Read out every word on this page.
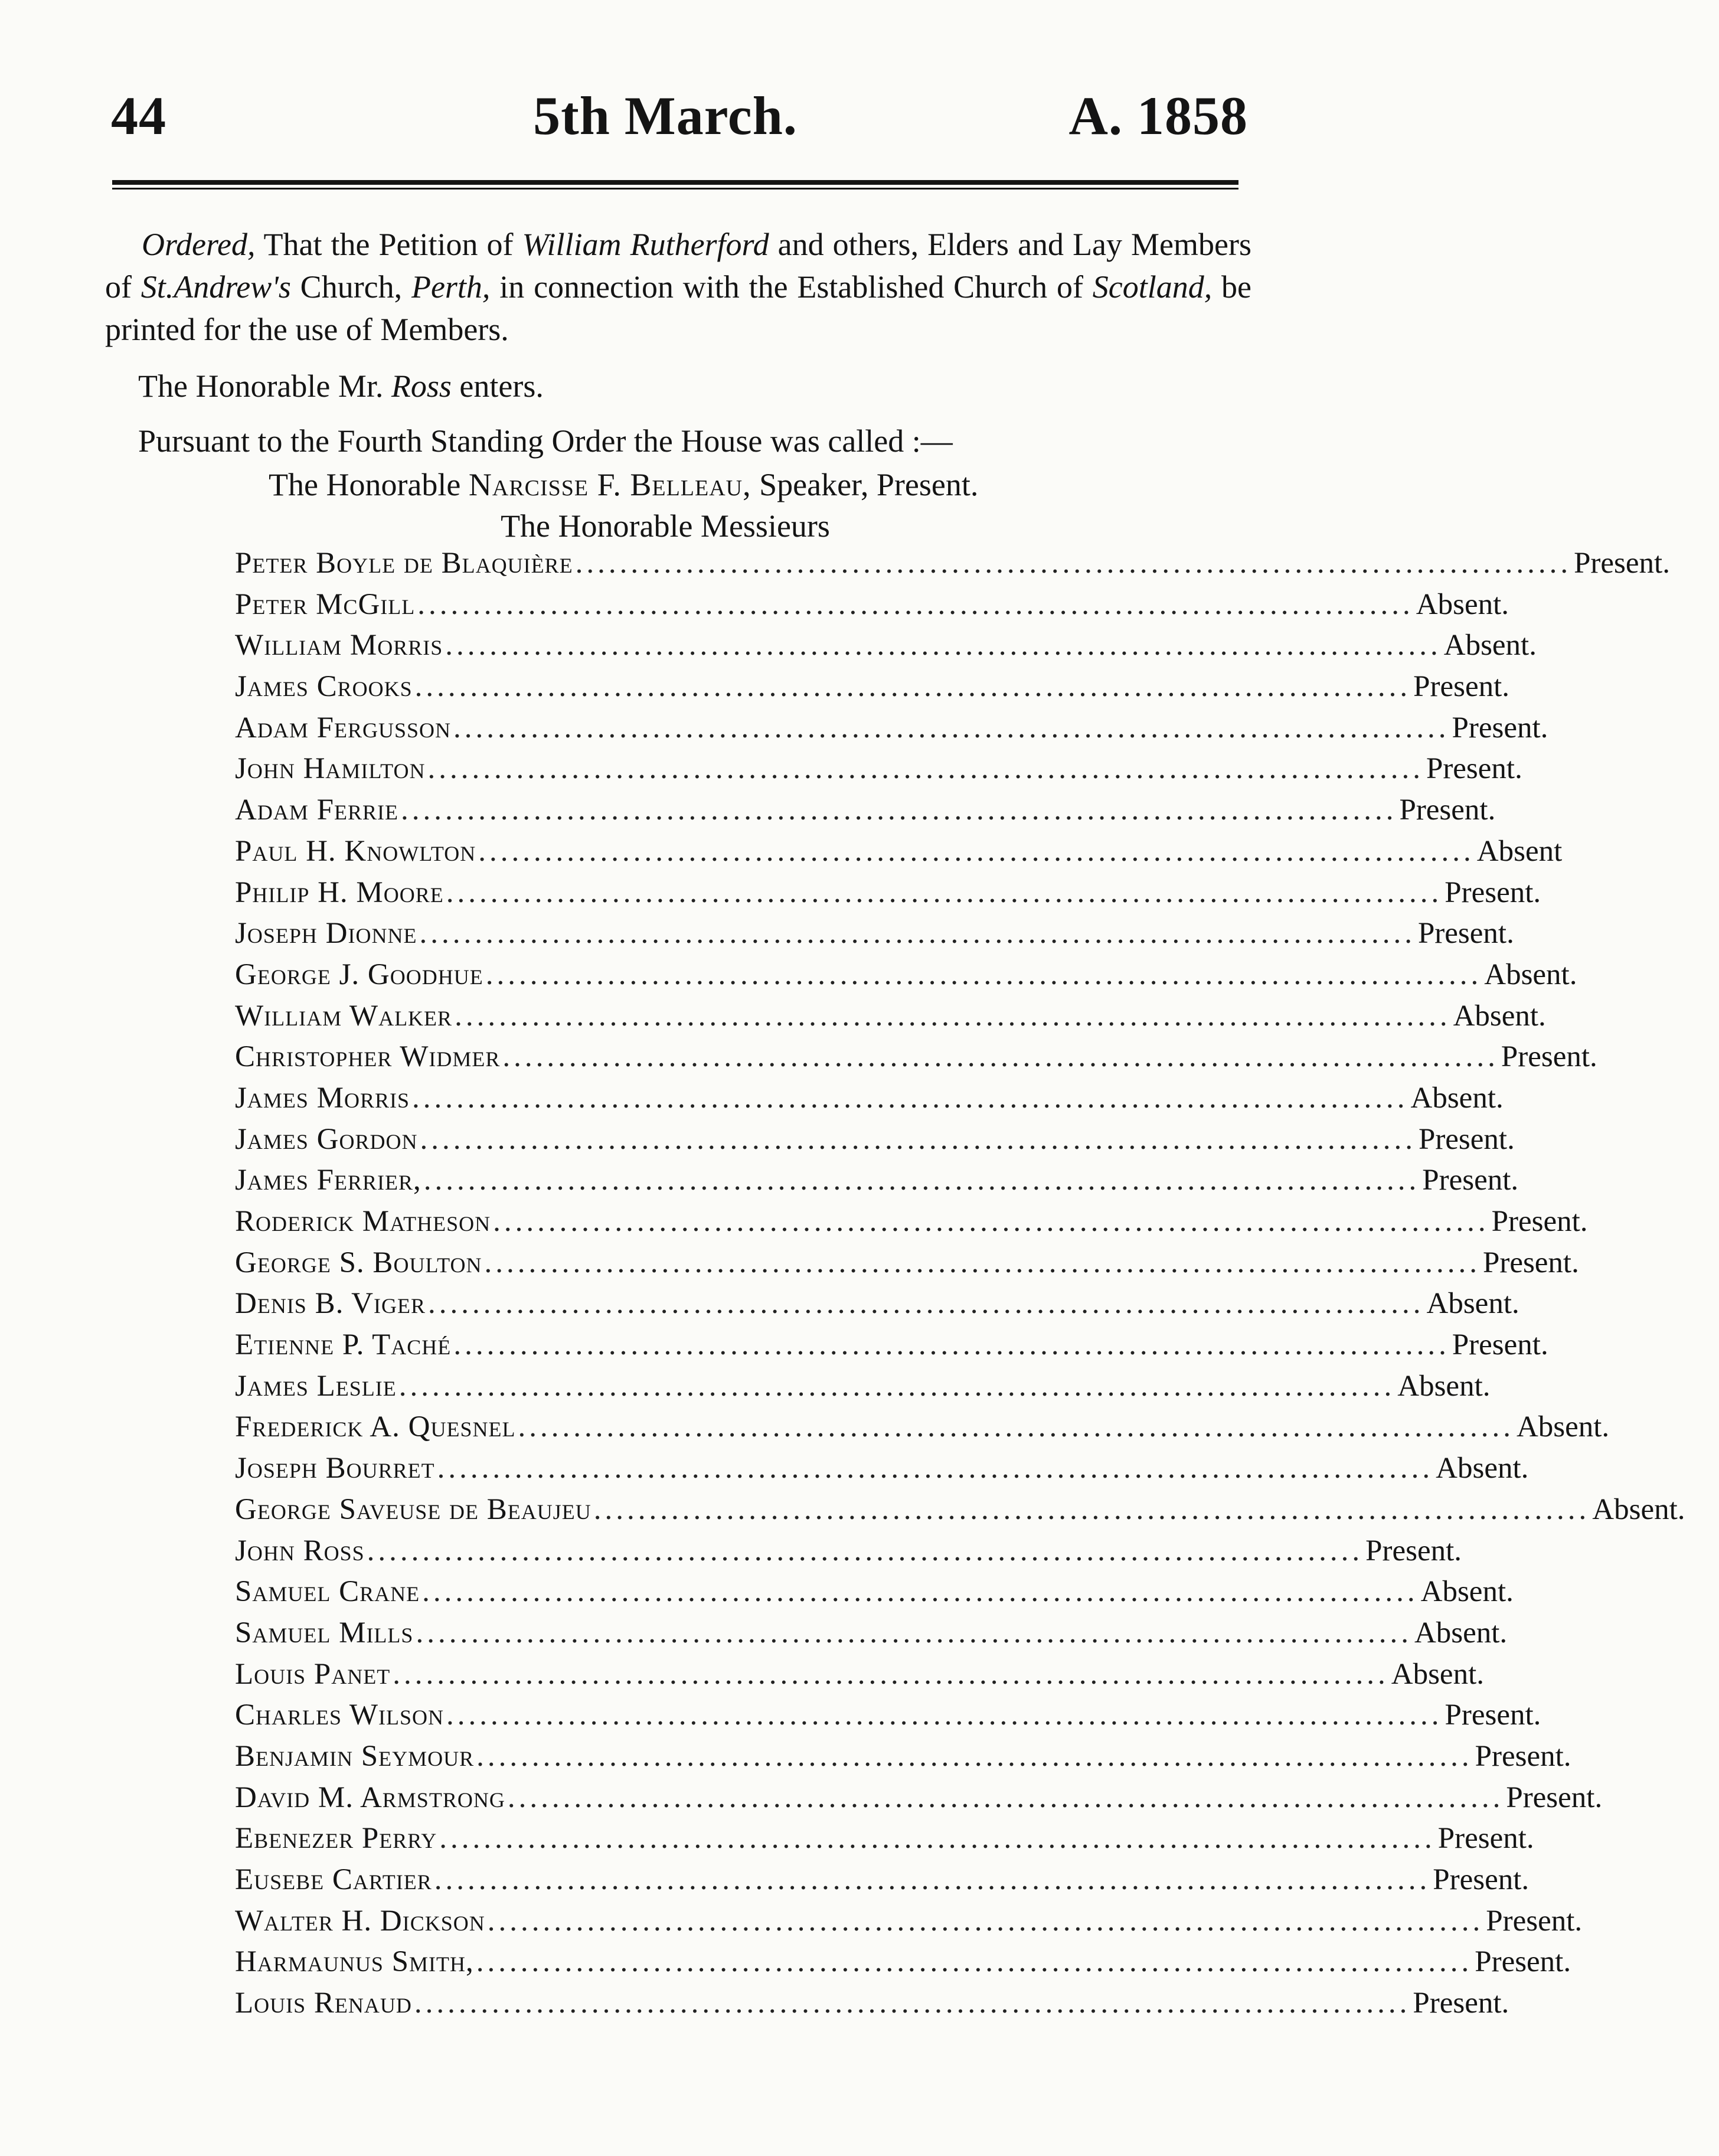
44	5th March.	A. 1858
Ordered, That the Petition of William Rutherford and others, Elders and Lay Members of St.Andrew's Church, Perth, in connection with the Established Church of Scotland, be printed for the use of Members.
The Honorable Mr. Ross enters.
Pursuant to the Fourth Standing Order the House was called :—
The Honorable Narcisse F. Belleau, Speaker, Present.
The Honorable Messieurs
Peter Boyle de Blaquière .......................................................................................... Present.
Peter McGill .......................................................................................... Absent.
William Morris .......................................................................................... Absent.
James Crooks .......................................................................................... Present.
Adam Fergusson .......................................................................................... Present.
John Hamilton .......................................................................................... Present.
Adam Ferrie .......................................................................................... Present.
Paul H. Knowlton .......................................................................................... Absent
Philip H. Moore .......................................................................................... Present.
Joseph Dionne .......................................................................................... Present.
George J. Goodhue .......................................................................................... Absent.
William Walker .......................................................................................... Absent.
Christopher Widmer .......................................................................................... Present.
James Morris .......................................................................................... Absent.
James Gordon .......................................................................................... Present.
James Ferrier, .......................................................................................... Present.
Roderick Matheson .......................................................................................... Present.
George S. Boulton .......................................................................................... Present.
Denis B. Viger .......................................................................................... Absent.
Etienne P. Taché .......................................................................................... Present.
James Leslie .......................................................................................... Absent.
Frederick A. Quesnel .......................................................................................... Absent.
Joseph Bourret .......................................................................................... Absent.
George Saveuse de Beaujeu .......................................................................................... Absent.
John Ross .......................................................................................... Present.
Samuel Crane .......................................................................................... Absent.
Samuel Mills .......................................................................................... Absent.
Louis Panet .......................................................................................... Absent.
Charles Wilson .......................................................................................... Present.
Benjamin Seymour .......................................................................................... Present.
David M. Armstrong .......................................................................................... Present.
Ebenezer Perry .......................................................................................... Present.
Eusebe Cartier .......................................................................................... Present.
Walter H. Dickson .......................................................................................... Present.
Harmaunus Smith, .......................................................................................... Present.
Louis Renaud .......................................................................................... Present.
